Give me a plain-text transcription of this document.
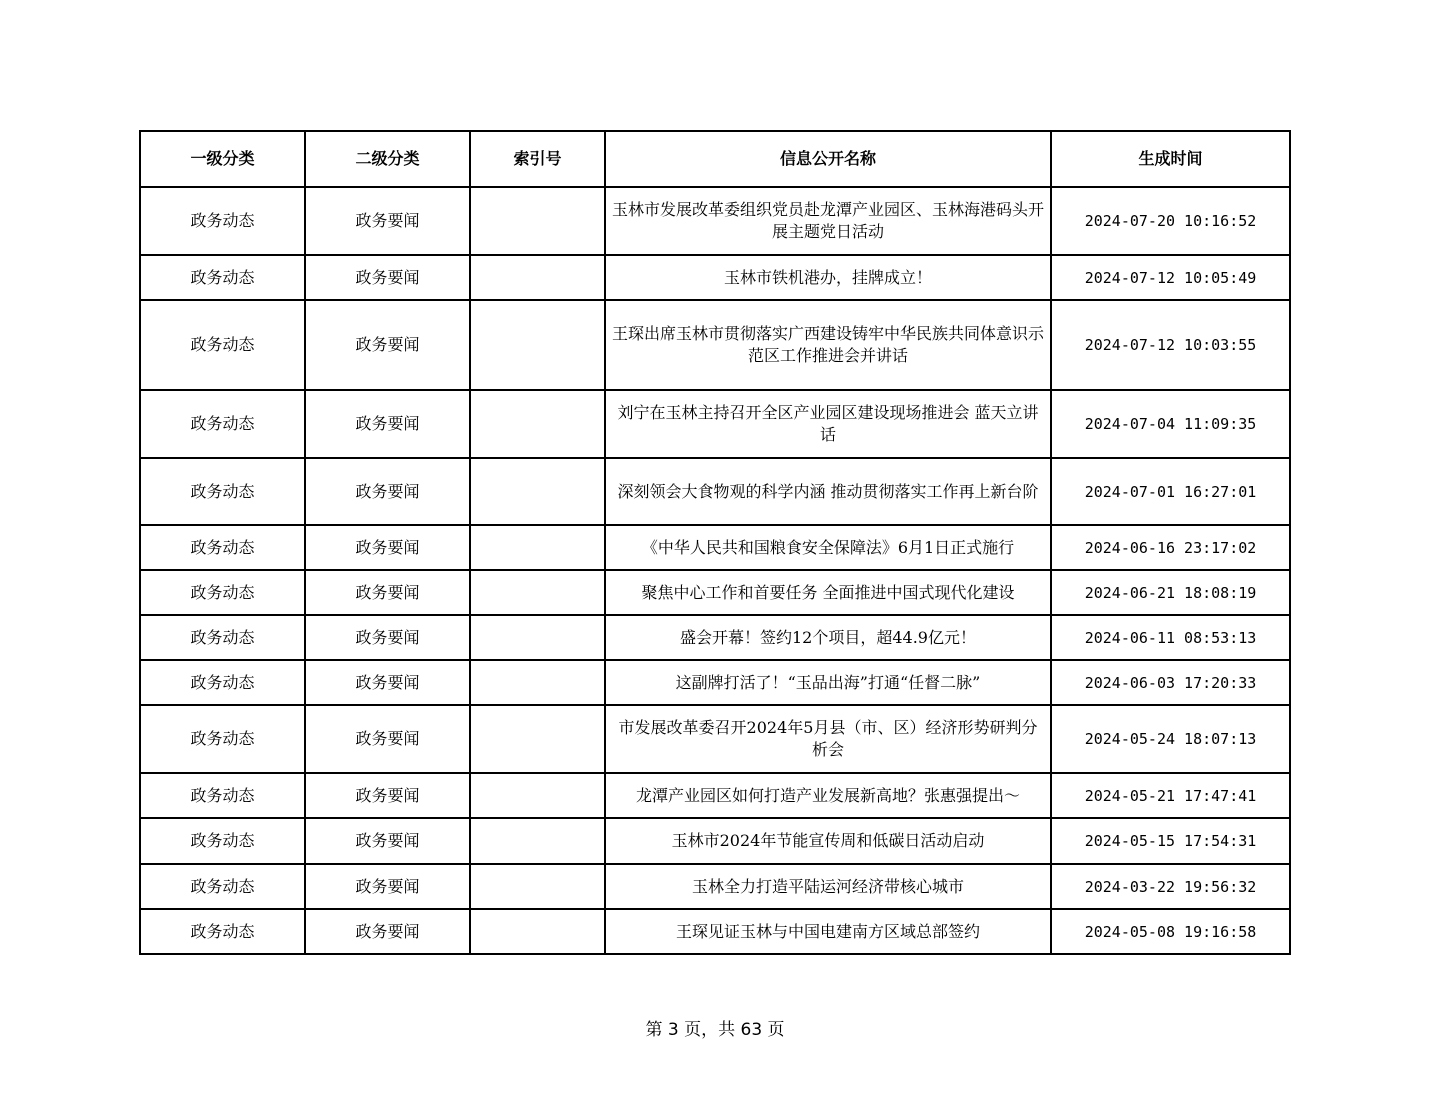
一级分类	二级分类	索引号	信息公开名称	生成时间
政务动态	政务要闻		玉林市发展改革委组织党员赴龙潭产业园区、玉林海港码头开展主题党日活动	2024-07-20 10:16:52
政务动态	政务要闻		玉林市铁机港办，挂牌成立！	2024-07-12 10:05:49
政务动态	政务要闻		王琛出席玉林市贯彻落实广西建设铸牢中华民族共同体意识示范区工作推进会并讲话	2024-07-12 10:03:55
政务动态	政务要闻		刘宁在玉林主持召开全区产业园区建设现场推进会 蓝天立讲话	2024-07-04 11:09:35
政务动态	政务要闻		深刻领会大食物观的科学内涵 推动贯彻落实工作再上新台阶	2024-07-01 16:27:01
政务动态	政务要闻		《中华人民共和国粮食安全保障法》6月1日正式施行	2024-06-16 23:17:02
政务动态	政务要闻		聚焦中心工作和首要任务 全面推进中国式现代化建设	2024-06-21 18:08:19
政务动态	政务要闻		盛会开幕！签约12个项目，超44.9亿元！	2024-06-11 08:53:13
政务动态	政务要闻		这副牌打活了！“玉品出海”打通“任督二脉”	2024-06-03 17:20:33
政务动态	政务要闻		市发展改革委召开2024年5月县（市、区）经济形势研判分析会	2024-05-24 18:07:13
政务动态	政务要闻		龙潭产业园区如何打造产业发展新高地？张惠强提出～	2024-05-21 17:47:41
政务动态	政务要闻		玉林市2024年节能宣传周和低碳日活动启动	2024-05-15 17:54:31
政务动态	政务要闻		玉林全力打造平陆运河经济带核心城市	2024-03-22 19:56:32
政务动态	政务要闻		王琛见证玉林与中国电建南方区域总部签约	2024-05-08 19:16:58
第 3 页，共 63 页
